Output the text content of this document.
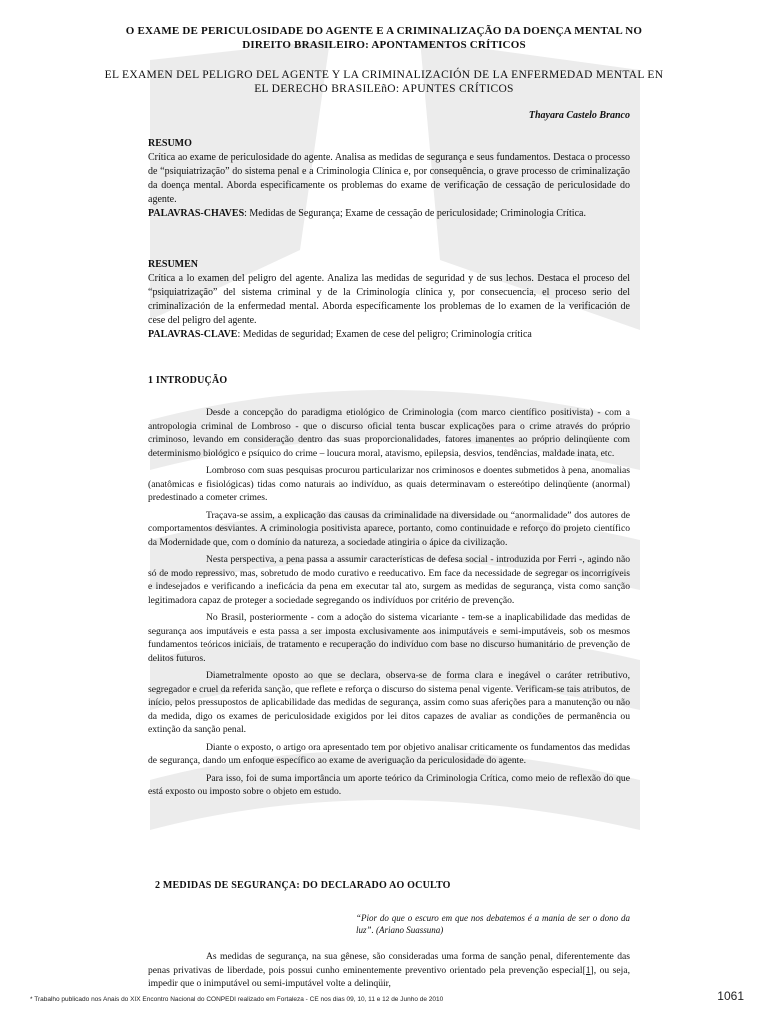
O EXAME DE PERICULOSIDADE DO AGENTE E A CRIMINALIZAÇÃO DA DOENÇA MENTAL NO DIREITO BRASILEIRO: APONTAMENTOS CRÍTICOS
EL EXAMEN DEL PELIGRO DEL AGENTE Y LA CRIMINALIZACIÓN DE LA ENFERMEDAD MENTAL EN EL DERECHO BRASILEñO: APUNTES CRÍTICOS
Thayara Castelo Branco
RESUMO
Crítica ao exame de periculosidade do agente. Analisa as medidas de segurança e seus fundamentos. Destaca o processo de “psiquiatrização” do sistema penal e a Criminologia Clínica e, por consequência, o grave processo de criminalização da doença mental. Aborda especificamente os problemas do exame de verificação de cessação de periculosidade do agente.
PALAVRAS-CHAVES: Medidas de Segurança; Exame de cessação de periculosidade; Criminologia Crítica.
RESUMEN
Crítica a lo examen del peligro del agente. Analiza las medidas de seguridad y de sus lechos. Destaca el proceso del “psiquiatrização” del sistema criminal y de la Criminología clínica y, por consecuencia, el proceso serio del criminalización de la enfermedad mental. Aborda específicamente los problemas de lo examen de la verificación de cese del peligro del agente.
PALAVRAS-CLAVE: Medidas de seguridad; Examen de cese del peligro; Criminología crítica
1 INTRODUÇÃO

Desde a concepção do paradigma etiológico de Criminologia (com marco científico positivista) - com a antropologia criminal de Lombroso - que o discurso oficial tenta buscar explicações para o crime através do próprio criminoso, levando em consideração dentro das suas proporcionalidades, fatores imanentes ao próprio delinqüente com determinismo biológico e psíquico do crime – loucura moral, atavismo, epilepsia, desvios, tendências, maldade inata, etc.

Lombroso com suas pesquisas procurou particularizar nos criminosos e doentes submetidos à pena, anomalias (anatômicas e fisiológicas) tidas como naturais ao indivíduo, as quais determinavam o estereótipo delinqüente (anormal) predestinado a cometer crimes.

Traçava-se assim, a explicação das causas da criminalidade na diversidade ou “anormalidade” dos autores de comportamentos desviantes. A criminologia positivista aparece, portanto, como continuidade e reforço do projeto científico da Modernidade que, com o domínio da natureza, a sociedade atingiria o ápice da civilização.

Nesta perspectiva, a pena passa a assumir características de defesa social - introduzida por Ferri -, agindo não só de modo repressivo, mas, sobretudo de modo curativo e reeducativo. Em face da necessidade de segregar os incorrigíveis e indesejados e verificando a ineficácia da pena em executar tal ato, surgem as medidas de segurança, vista como sanção legitimadora capaz de proteger a sociedade segregando os indivíduos por critério de prevenção.

No Brasil, posteriormente - com a adoção do sistema vicariante - tem-se a inaplicabilidade das medidas de segurança aos imputáveis e esta passa a ser imposta exclusivamente aos inimputáveis e semi-imputáveis, sob os mesmos fundamentos teóricos iniciais, de tratamento e recuperação do indivíduo com base no discurso humanitário de prevenção de delitos futuros.

Diametralmente oposto ao que se declara, observa-se de forma clara e inegável o caráter retributivo, segregador e cruel da referida sanção, que reflete e reforça o discurso do sistema penal vigente. Verificam-se tais atributos, de início, pelos pressupostos de aplicabilidade das medidas de segurança, assim como suas aferições para a manutenção ou não da medida, digo os exames de periculosidade exigidos por lei ditos capazes de avaliar as condições de permanência ou extinção da sanção penal.

Diante o exposto, o artigo ora apresentado tem por objetivo analisar criticamente os fundamentos das medidas de segurança, dando um enfoque específico ao exame de averiguação da periculosidade do agente.

Para isso, foi de suma importância um aporte teórico da Criminologia Crítica, como meio de reflexão do que está exposto ou imposto sobre o objeto em estudo.

2 MEDIDAS DE SEGURANÇA: DO DECLARADO AO OCULTO
“Pior do que o escuro em que nos debatemos é a mania de ser o dono da luz”. (Ariano Suassuna)

As medidas de segurança, na sua gênese, são consideradas uma forma de sanção penal, diferentemente das penas privativas de liberdade, pois possui cunho eminentemente preventivo orientado pela prevenção especial[1], ou seja, impedir que o inimputável ou semi-imputável volte a delinqüir,

* Trabalho publicado nos Anais do XIX Encontro Nacional do CONPEDI realizado em Fortaleza - CE nos dias 09, 10, 11 e 12 de Junho de 2010	1061
